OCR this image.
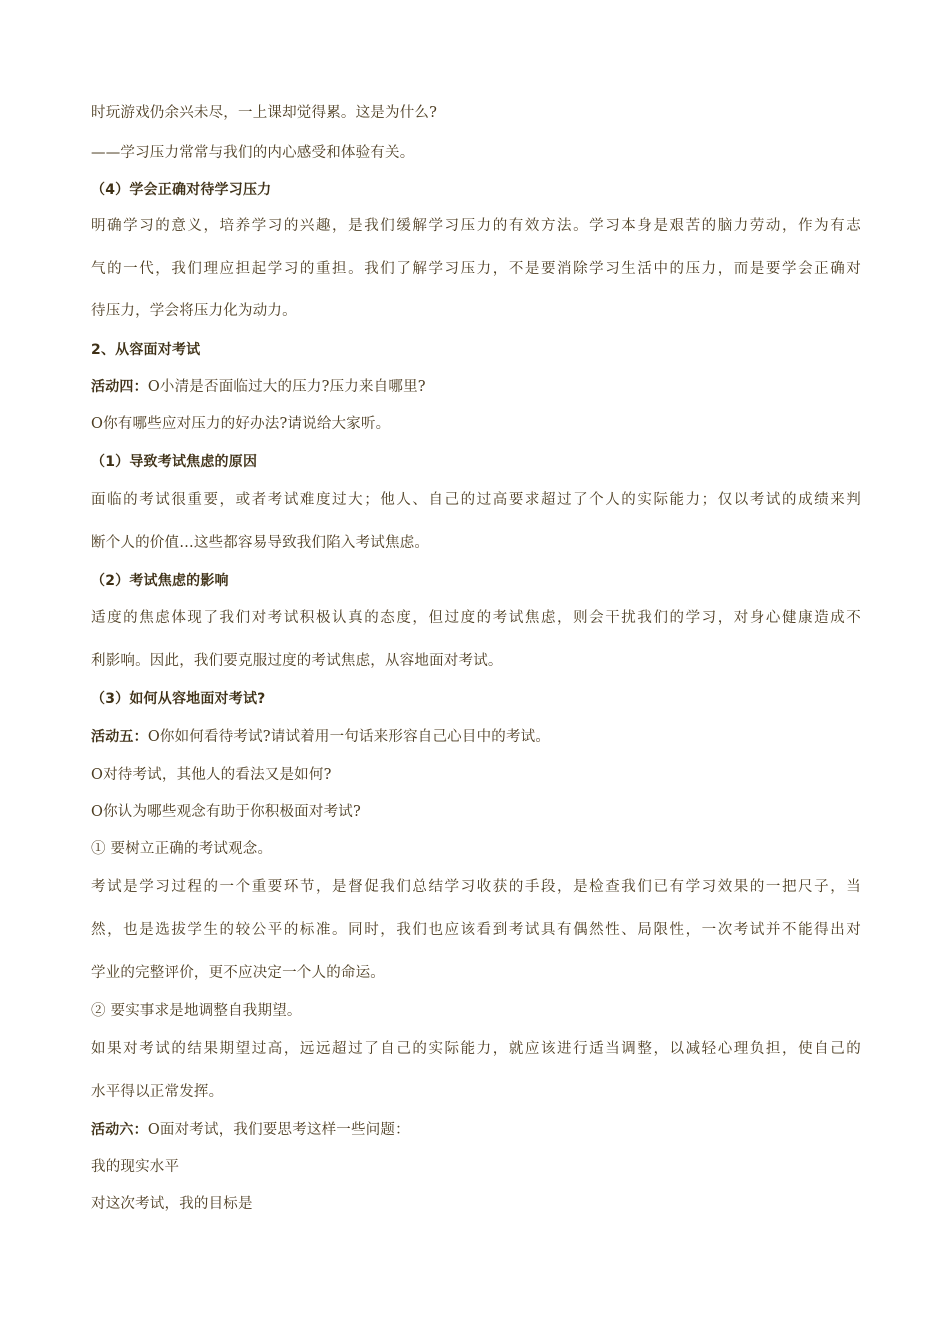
时玩游戏仍余兴未尽，一上课却觉得累。这是为什么?
——学习压力常常与我们的内心感受和体验有关。
（4）学会正确对待学习压力
明确学习的意义，培养学习的兴趣，是我们缓解学习压力的有效方法。学习本身是艰苦的脑力劳动，作为有志
气的一代，我们理应担起学习的重担。我们了解学习压力，不是要消除学习生活中的压力，而是要学会正确对
待压力，学会将压力化为动力。
2、从容面对考试
活动四：O小清是否面临过大的压力?压力来自哪里?
O你有哪些应对压力的好办法?请说给大家听。
（1）导致考试焦虑的原因
面临的考试很重要，或者考试难度过大；他人、自己的过高要求超过了个人的实际能力；仅以考试的成绩来判
断个人的价值…这些都容易导致我们陷入考试焦虑。
（2）考试焦虑的影响
适度的焦虑体现了我们对考试积极认真的态度，但过度的考试焦虑，则会干扰我们的学习，对身心健康造成不
利影响。因此，我们要克服过度的考试焦虑，从容地面对考试。
（3）如何从容地面对考试?
活动五：O你如何看待考试?请试着用一句话来形容自己心目中的考试。
O对待考试，其他人的看法又是如何?
O你认为哪些观念有助于你积极面对考试?
① 要树立正确的考试观念。
考试是学习过程的一个重要环节，是督促我们总结学习收获的手段，是检查我们已有学习效果的一把尺子，当
然，也是选拔学生的较公平的标准。同时，我们也应该看到考试具有偶然性、局限性，一次考试并不能得出对
学业的完整评价，更不应决定一个人的命运。
② 要实事求是地调整自我期望。
如果对考试的结果期望过高，远远超过了自己的实际能力，就应该进行适当调整，以减轻心理负担，使自己的
水平得以正常发挥。
活动六：O面对考试，我们要思考这样一些问题：
我的现实水平
对这次考试，我的目标是
